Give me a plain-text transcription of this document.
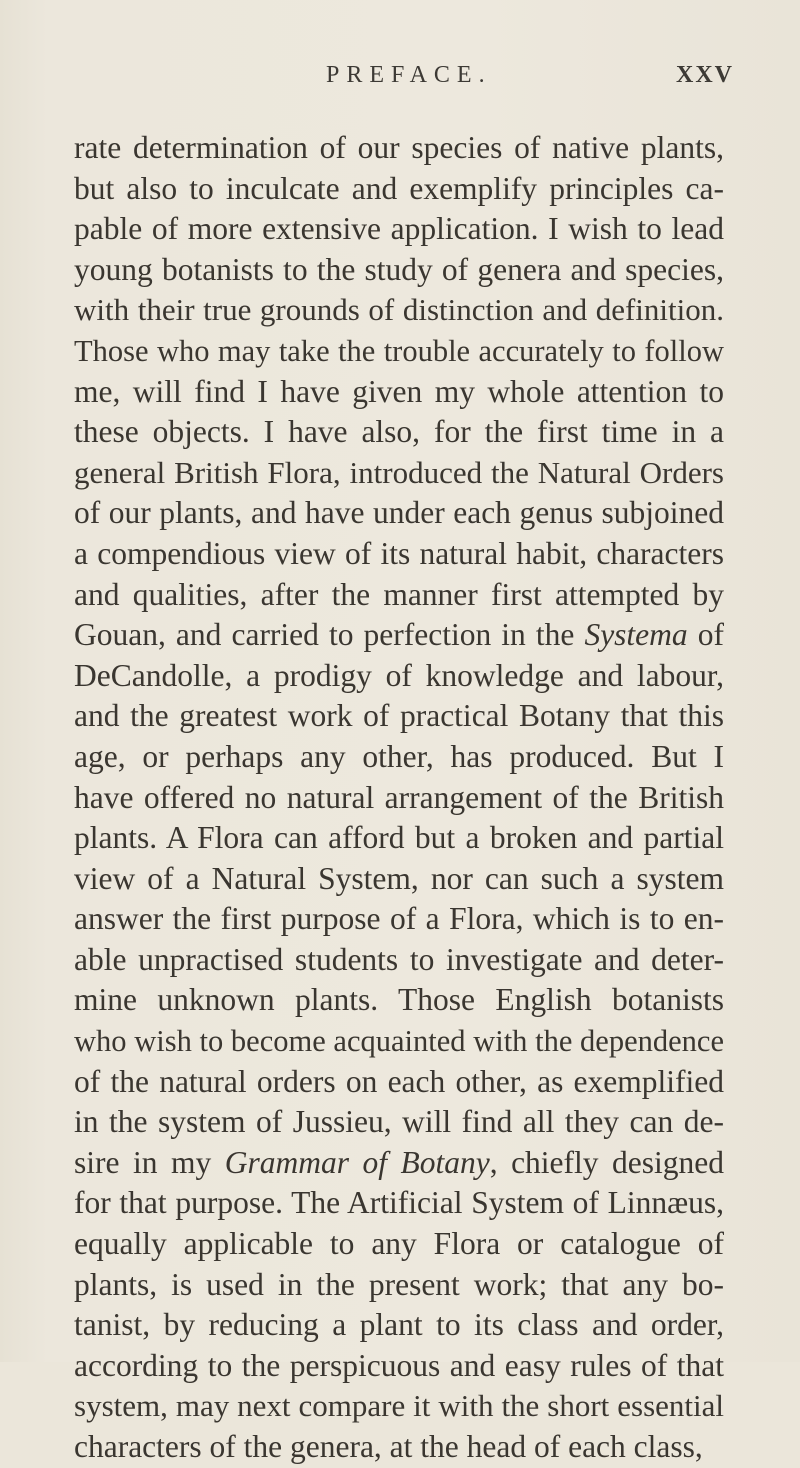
PREFACE.	XXV
rate determination of our species of native plants,
but also to inculcate and exemplify principles ca-
pable of more extensive application. I wish to lead
young botanists to the study of genera and species,
with their true grounds of distinction and definition.
Those who may take the trouble accurately to follow
me, will find I have given my whole attention to
these objects. I have also, for the first time in a
general British Flora, introduced the Natural Orders
of our plants, and have under each genus subjoined
a compendious view of its natural habit, characters
and qualities, after the manner first attempted by
Gouan, and carried to perfection in the Systema of
DeCandolle, a prodigy of knowledge and labour,
and the greatest work of practical Botany that this
age, or perhaps any other, has produced. But I
have offered no natural arrangement of the British
plants. A Flora can afford but a broken and partial
view of a Natural System, nor can such a system
answer the first purpose of a Flora, which is to en-
able unpractised students to investigate and deter-
mine unknown plants. Those English botanists
who wish to become acquainted with the dependence
of the natural orders on each other, as exemplified
in the system of Jussieu, will find all they can de-
sire in my Grammar of Botany, chiefly designed
for that purpose. The Artificial System of Linnæus,
equally applicable to any Flora or catalogue of
plants, is used in the present work; that any bo-
tanist, by reducing a plant to its class and order,
according to the perspicuous and easy rules of that
system, may next compare it with the short essential
characters of the genera, at the head of each class,
